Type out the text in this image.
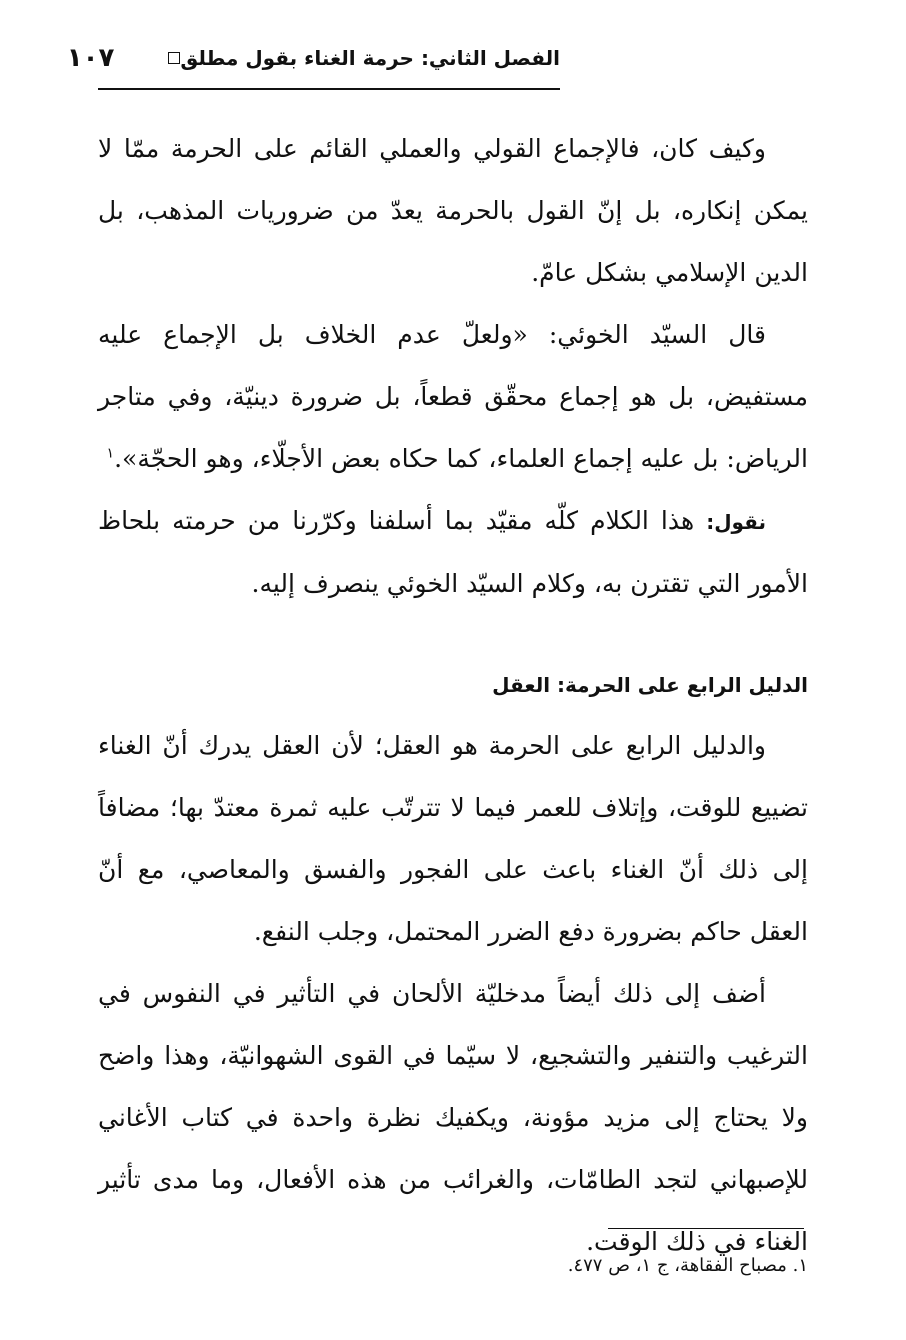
الفصل الثاني: حرمة الغناء بقول مطلق
١٠٧

وكيف كان، فالإجماع القولي والعملي القائم على الحرمة ممّا لا يمكن إنكاره، بل إنّ القول بالحرمة يعدّ من ضروريات المذهب، بل الدين الإسلامي بشكل عامّ.

قال السيّد الخوئي: «ولعلّ عدم الخلاف بل الإجماع عليه مستفيض، بل هو إجماع محقّق قطعاً، بل ضرورة دينيّة، وفي متاجر الرياض: بل عليه إجماع العلماء، كما حكاه بعض الأجلّاء، وهو الحجّة».$^١$

نقول: هذا الكلام كلّه مقيّد بما أسلفنا وكرّرنا من حرمته بلحاظ الأمور التي تقترن به، وكلام السيّد الخوئي ينصرف إليه.

الدليل الرابع على الحرمة: العقل

والدليل الرابع على الحرمة هو العقل؛ لأن العقل يدرك أنّ الغناء تضييع للوقت، وإتلاف للعمر فيما لا تترتّب عليه ثمرة معتدّ بها؛ مضافاً إلى ذلك أنّ الغناء باعث على الفجور والفسق والمعاصي، مع أنّ العقل حاكم بضرورة دفع الضرر المحتمل، وجلب النفع.

أضف إلى ذلك أيضاً مدخليّة الألحان في التأثير في النفوس في الترغيب والتنفير والتشجيع، لا سيّما في القوى الشهوانيّة، وهذا واضح ولا يحتاج إلى مزيد مؤونة، ويكفيك نظرة واحدة في كتاب الأغاني للإصبهاني لتجد الطامّات، والغرائب من هذه الأفعال، وما مدى تأثير الغناء في ذلك الوقت.

١. مصباح الفقاهة، ج ١، ص ٤٧٧.
